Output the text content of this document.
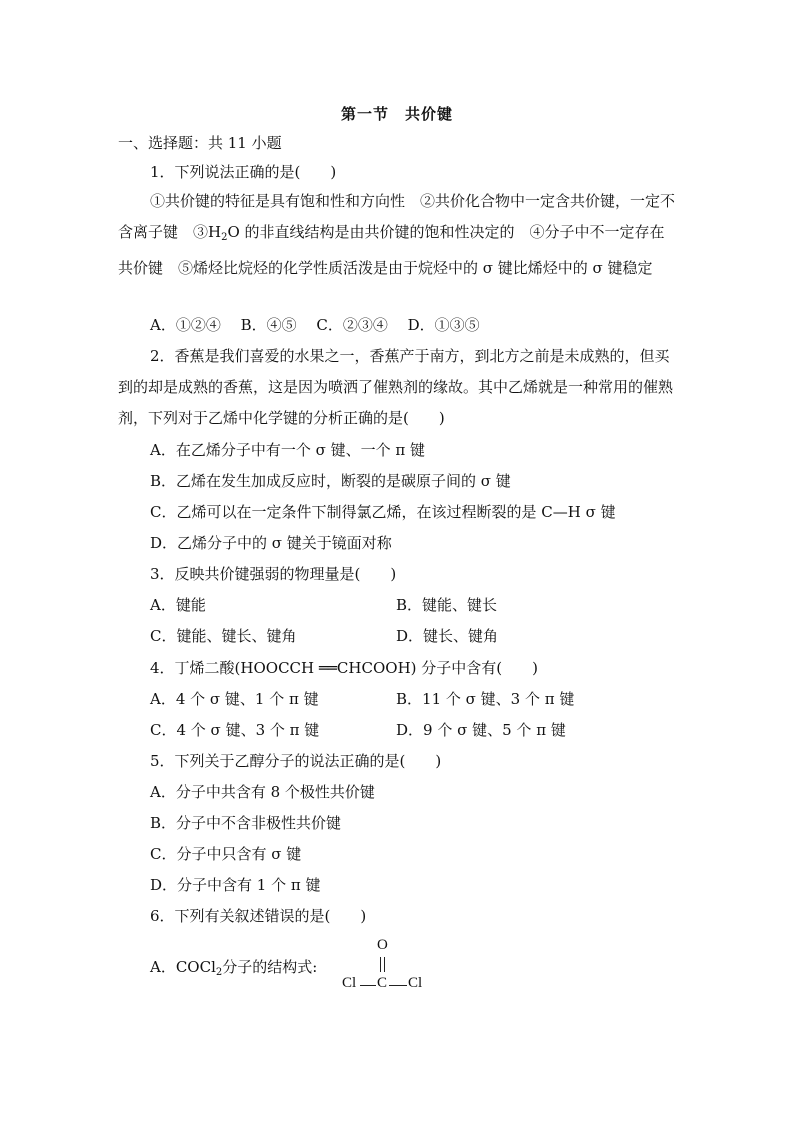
第一节　共价键
一、选择题：共 11 小题
1．下列说法正确的是(　　)
①共价键的特征是具有饱和性和方向性　②共价化合物中一定含共价键，一定不含离子键　$③H_2O$ 的非直线结构是由共价键的饱和性决定的　④分子中不一定存在共价键　⑤烯烃比烷烃的化学性质活泼是由于烷烃中的 σ 键比烯烃中的 σ 键稳定
A．①②④　 B．④⑤　 C．②③④　 D．①③⑤
2．香蕉是我们喜爱的水果之一，香蕉产于南方，到北方之前是未成熟的，但买到的却是成熟的香蕉，这是因为喷洒了催熟剂的缘故。其中乙烯就是一种常用的催熟剂，下列对于乙烯中化学键的分析正确的是(　　)
A．在乙烯分子中有一个 σ 键、一个 π 键
B．乙烯在发生加成反应时，断裂的是碳原子间的 σ 键
C．乙烯可以在一定条件下制得氯乙烯，在该过程断裂的是 C—H σ 键
D．乙烯分子中的 σ 键关于镜面对称
3．反映共价键强弱的物理量是(　　)
A．键能	B．键能、键长
C．键能、键长、键角	D．键长、键角
4．丁烯二酸(HOOCCH ══CHCOOH) 分子中含有(　　)
A．4 个 σ 键、1 个 π 键	B．11 个 σ 键、3 个 π 键
C．4 个 σ 键、3 个 π 键	D．9 个 σ 键、5 个 π 键
5．下列关于乙醇分子的说法正确的是(　　)
A．分子中共含有 8 个极性共价键
B．分子中不含非极性共价键
C．分子中只含有 σ 键
D．分子中含有 1 个 π 键
6．下列有关叙述错误的是(　　)
A．COCl$_2$分子的结构式:
O
Cl C Cl
